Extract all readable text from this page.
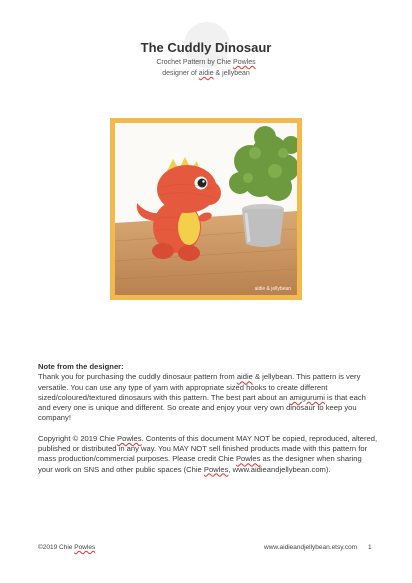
The Cuddly Dinosaur
Crochet Pattern by Chie Powles
designer of aidie & jellybean
aidie & jellybean

Note from the designer:

Thank you for purchasing the cuddly dinosaur pattern from aidie & jellybean. This pattern is very versatile. You can use any type of yarn with appropriate sized hooks to create different sized/coloured/textured dinosaurs with this pattern. The best part about an amigurumi is that each and every one is unique and different. So create and enjoy your very own dinosaur to keep you company!

Copyright © 2019 Chie Powles. Contents of this document MAY NOT be copied, reproduced, altered, published or distributed in any way. You MAY NOT sell finished products made with this pattern for mass production/commercial purposes. Please credit Chie Powles as the designer when sharing your work on SNS and other public spaces (Chie Powles, www.aidieandjellybean.com).

©2019 Chie Powles	www.aidieandjellybean.etsy.com 1
